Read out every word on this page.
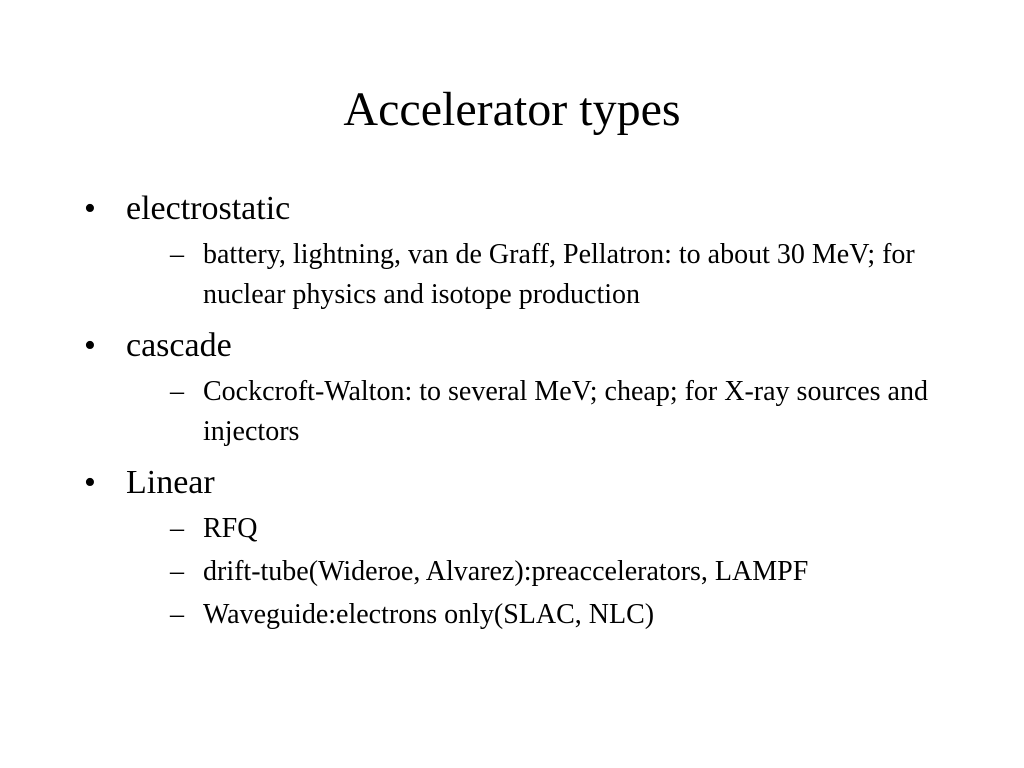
Accelerator types
• electrostatic
– battery, lightning, van de Graff, Pellatron: to about 30 MeV; for nuclear physics and isotope production
• cascade
– Cockcroft-Walton: to several MeV; cheap; for X-ray sources and injectors
• Linear
– RFQ
– drift-tube(Wideroe, Alvarez):preaccelerators, LAMPF
– Waveguide:electrons only(SLAC, NLC)
